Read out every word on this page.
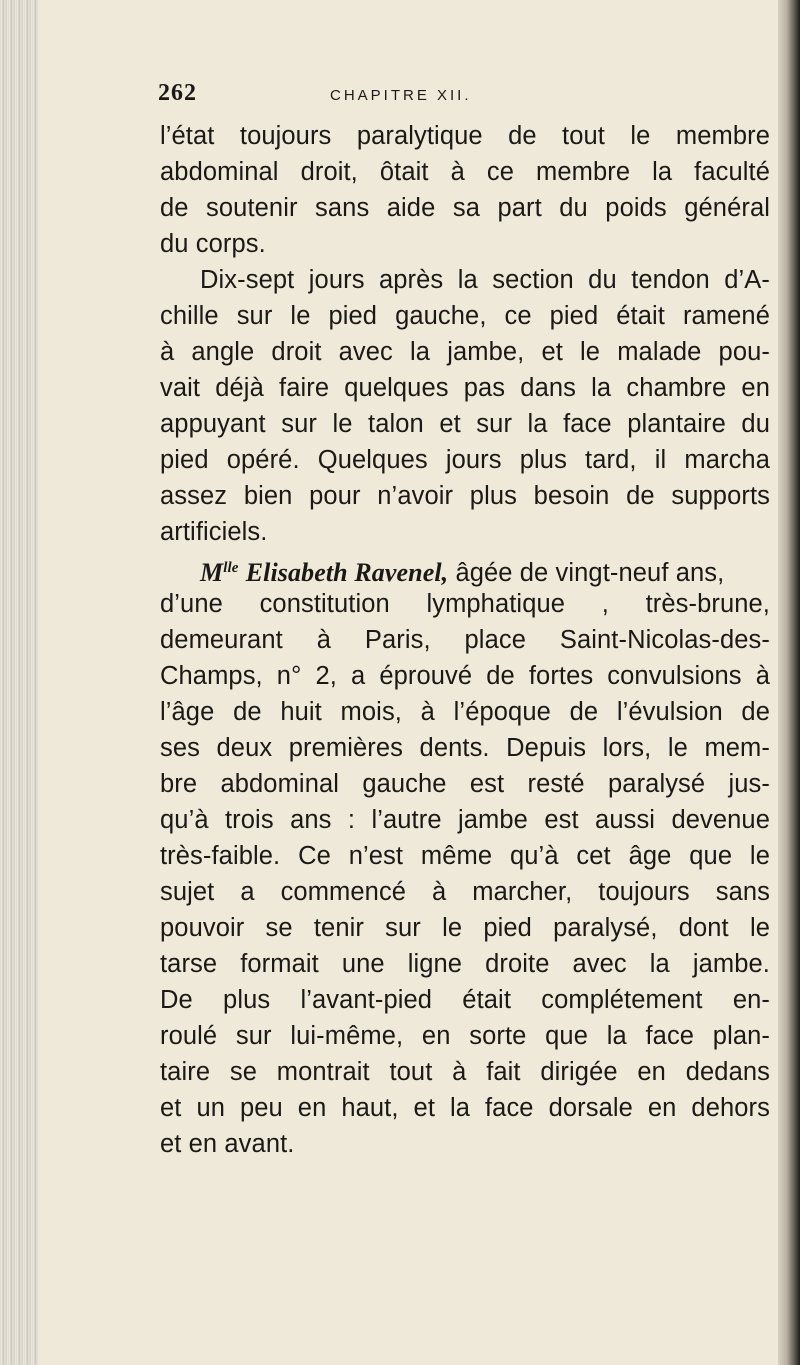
262	CHAPITRE XII.
l’état toujours paralytique de tout le membre
abdominal droit, ôtait à ce membre la faculté
de soutenir sans aide sa part du poids général
du corps.
Dix-sept jours après la section du tendon d’A-
chille sur le pied gauche, ce pied était ramené
à angle droit avec la jambe, et le malade pou-
vait déjà faire quelques pas dans la chambre en
appuyant sur le talon et sur la face plantaire du
pied opéré. Quelques jours plus tard, il marcha
assez bien pour n’avoir plus besoin de supports
artificiels.
$M^{lle}$ Elisabeth Ravenel, âgée de vingt-neuf ans,
d’une constitution lymphatique , très-brune,
demeurant à Paris, place Saint-Nicolas-des-
Champs, n° 2, a éprouvé de fortes convulsions à
l’âge de huit mois, à l’époque de l’évulsion de
ses deux premières dents. Depuis lors, le mem-
bre abdominal gauche est resté paralysé jus-
qu’à trois ans : l’autre jambe est aussi devenue
très-faible. Ce n’est même qu’à cet âge que le
sujet a commencé à marcher, toujours sans
pouvoir se tenir sur le pied paralysé, dont le
tarse formait une ligne droite avec la jambe.
De plus l’avant-pied était complétement en-
roulé sur lui-même, en sorte que la face plan-
taire se montrait tout à fait dirigée en dedans
et un peu en haut, et la face dorsale en dehors
et en avant.
